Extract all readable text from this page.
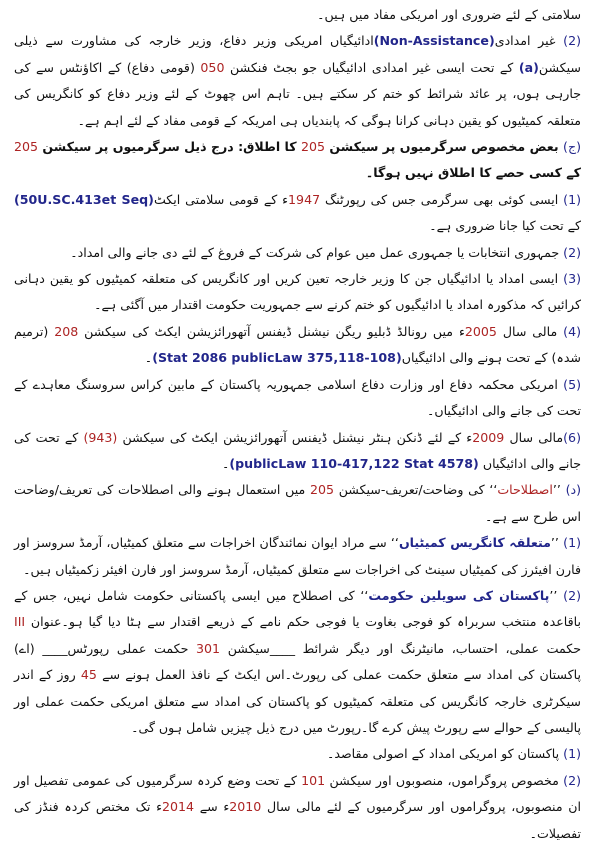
سلامتی کے لئے ضروری اور امریکی مفاد میں ہیں۔

(2) غیر امدادی(Non-Assistance)ادائیگیاں امریکی وزیر دفاع، وزیر خارجہ کی مشاورت سے ذیلی سیکشن(a) کے تحت ایسی غیر امدادی ادائیگیاں جو بجٹ فنکشن 050 (قومی دفاع) کے اکاؤنٹس سے کی جارہی ہوں، پر عائد شرائط کو ختم کر سکتے ہیں۔ تاہم اس چھوٹ کے لئے وزیر دفاع کو کانگریس کی متعلقہ کمیٹیوں کو یقین دہانی کرانا ہوگی کہ پابندیاں ہی امریکہ کے قومی مفاد کے لئے اہم ہے۔

(ج) بعض مخصوص سرگرمیوں پر سیکشن 205 کا اطلاق: درج ذیل سرگرمیوں پر سیکشن 205 کے کسی حصے کا اطلاق نہیں ہوگا۔

(1) ایسی کوئی بھی سرگرمی جس کی رپورٹنگ 1947ء کے قومی سلامتی ایکٹ(50U.SC.413et Seq) کے تحت کیا جانا ضروری ہے۔

(2) جمہوری انتخابات یا جمہوری عمل میں عوام کی شرکت کے فروغ کے لئے دی جانے والی امداد۔

(3) ایسی امداد یا ادائیگیاں جن کا وزیر خارجہ تعین کریں اور کانگریس کی متعلقہ کمیٹیوں کو یقین دہانی کرائیں کہ مذکورہ امداد یا ادائیگیوں کو ختم کرنے سے جمہوریت حکومت اقتدار میں آگئی ہے۔

(4) مالی سال 2005ء میں رونالڈ ڈبلیو ریگن نیشنل ڈیفنس آتھورائزیشن ایکٹ کی سیکشن 208 (ترمیم شدہ) کے تحت ہونے والی ادائیگیاں(108-375,118 Stat 2086 publicLaw)۔

(5) امریکی محکمہ دفاع اور وزارت دفاع اسلامی جمہوریہ پاکستان کے مابین کراس سروسنگ معاہدے کے تحت کی جانے والی ادائیگیاں۔

(6)مالی سال 2009ء کے لئے ڈنکن ہنٹر نیشنل ڈیفنس آتھورائزیشن ایکٹ کی سیکشن (943) کے تحت کی جانے والی ادائیگیاں (publicLaw 110-417,122 Stat 4578)۔

(د) ’’اصطلاحات‘‘ کی وضاحت/تعریف-سیکشن 205 میں استعمال ہونے والی اصطلاحات کی تعریف/وضاحت اس طرح سے ہے۔

(1) ’’متعلقہ کانگریس کمیٹیاں‘‘ سے مراد ایوان نمائندگان اخراجات سے متعلق کمیٹیاں، آرمڈ سروسز اور فارن افیئرز کی کمیٹیاں سینٹ کی اخراجات سے متعلق کمیٹیاں، آرمڈ سروسز اور فارن افیئر زکمیٹیاں ہیں۔

(2) ’’پاکستان کی سویلین حکومت‘‘ کی اصطلاح میں ایسی پاکستانی حکومت شامل نہیں، جس کے باقاعدہ منتخب سربراہ کو فوجی بغاوت یا فوجی حکم نامے کے ذریعے اقتدار سے ہٹا دیا گیا ہو۔عنوان III حکمت عملی، احتساب، مانیٹرنگ اور دیگر شرائط ____سیکشن 301 حکمت عملی رپورٹس____ (اے) پاکستان کی امداد سے متعلق حکمت عملی کی رپورٹ۔اس ایکٹ کے نافذ العمل ہونے سے 45 روز کے اندر سیکرٹری خارجہ کانگریس کی متعلقہ کمیٹیوں کو پاکستان کی امداد سے متعلق امریکی حکمت عملی اور پالیسی کے حوالے سے رپورٹ پیش کرے گا۔رپورٹ میں درج ذیل چیزیں شامل ہوں گی۔

(1) پاکستان کو امریکی امداد کے اصولی مقاصد۔

(2) مخصوص پروگراموں، منصوبوں اور سیکشن 101 کے تحت وضع کردہ سرگرمیوں کی عمومی تفصیل اور ان منصوبوں، پروگراموں اور سرگرمیوں کے لئے مالی سال 2010ء سے 2014ء تک مختص کردہ فنڈز کی تفصیلات۔
